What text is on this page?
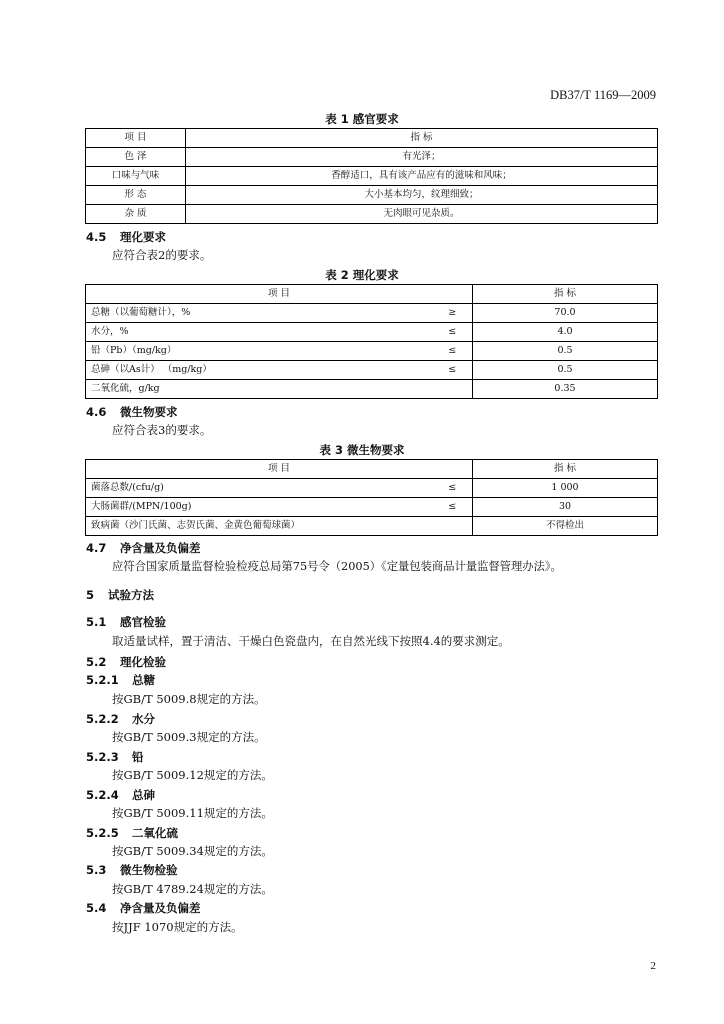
DB37/T 1169—2009
表 1 感官要求
项 目	指 标
色 泽	有光泽；
口味与气味	香醇适口，具有该产品应有的滋味和风味；
形 态	大小基本均匀，纹理细致；
杂 质	无肉眼可见杂质。
4.5 理化要求
应符合表2的要求。
表 2 理化要求
项 目		指 标
总糖（以葡萄糖计），%	≥	70.0
水分，%	≤	4.0
铅（Pb）（mg/kg）	≤	0.5
总砷（以As计） （mg/kg）	≤	0.5
二氧化硫，g/kg		0.35
4.6 微生物要求
应符合表3的要求。
表 3 微生物要求
项 目		指 标
菌落总数/(cfu/g)	≤	1 000
大肠菌群/(MPN/100g)	≤	30
致病菌（沙门氏菌、志贺氏菌、金黄色葡萄球菌）		不得检出
4.7 净含量及负偏差
应符合国家质量监督检验检疫总局第75号令（2005）《定量包装商品计量监督管理办法》。
5 试验方法
5.1 感官检验
取适量试样，置于清洁、干燥白色瓷盘内，在自然光线下按照4.4的要求测定。
5.2 理化检验
5.2.1 总糖
按GB/T 5009.8规定的方法。
5.2.2 水分
按GB/T 5009.3规定的方法。
5.2.3 铅
按GB/T 5009.12规定的方法。
5.2.4 总砷
按GB/T 5009.11规定的方法。
5.2.5 二氧化硫
按GB/T 5009.34规定的方法。
5.3 微生物检验
按GB/T 4789.24规定的方法。
5.4 净含量及负偏差
按JJF 1070规定的方法。
2
